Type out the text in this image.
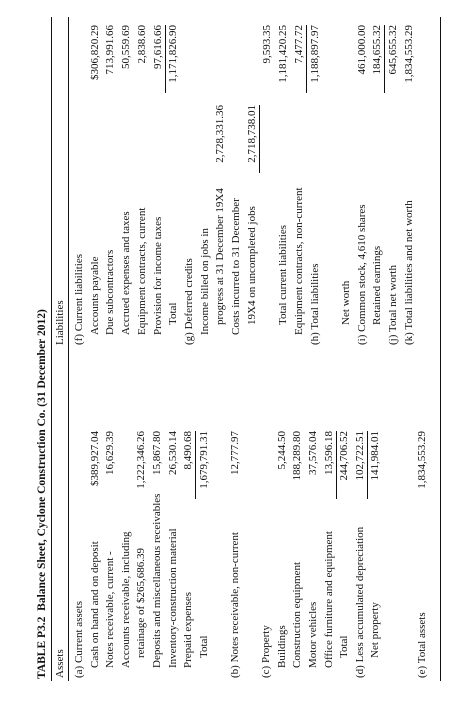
TABLE P3.2  Balance Sheet, Cyclone Construction Co. (31 December 2012)
Assets
Liabilities
(a) Current assets Cash on hand and on deposit
$389,927.04
Notes receivable, current -
16,629.39
Accounts receivable, including retainage of $265,686.39
1,222,346.26
Deposits and miscellaneous receivables
15,867.80
Inventory-construction material
26,530.14
Prepaid expenses
8,490.68
Total
1,679,791.31
(b) Notes receivable, non-current
12,777.97
(c) Property Buildings
5,244.50
Construction equipment
188,289.80
Motor vehicles
37,576.04
Office furniture and equipment
13,596.18
Total
244,706.52
(d) Less accumulated depreciation
102,722.51
Net property
141,984.01
(e) Total assets
1,834,553.29
(f) Current liabilities Accounts payable
$306,820.29
Due subcontractors
713,991.66
Accrued expenses and taxes
50,559.69
Equipment contracts, current
2,838.60
Provision for income taxes
97,616.66
Total
1,171,826.90
(g) Deferred credits Income billed on jobs in progress at 31 December 19X4
2,728,331.36
Costs incurred to 31 December 19X4 on uncompleted jobs
2,718,738.01
9,593.35
Total current liabilities
1,181,420.25
Equipment contracts, non-current
7,477.72
(h) Total liabilities
1,188,897.97
Net worth (i) Common stock, 4,610 shares
461,000.00
Retained earnings
184,655.32
(j) Total net worth
645,655.32
(k) Total liabilities and net worth
1,834,553.29
